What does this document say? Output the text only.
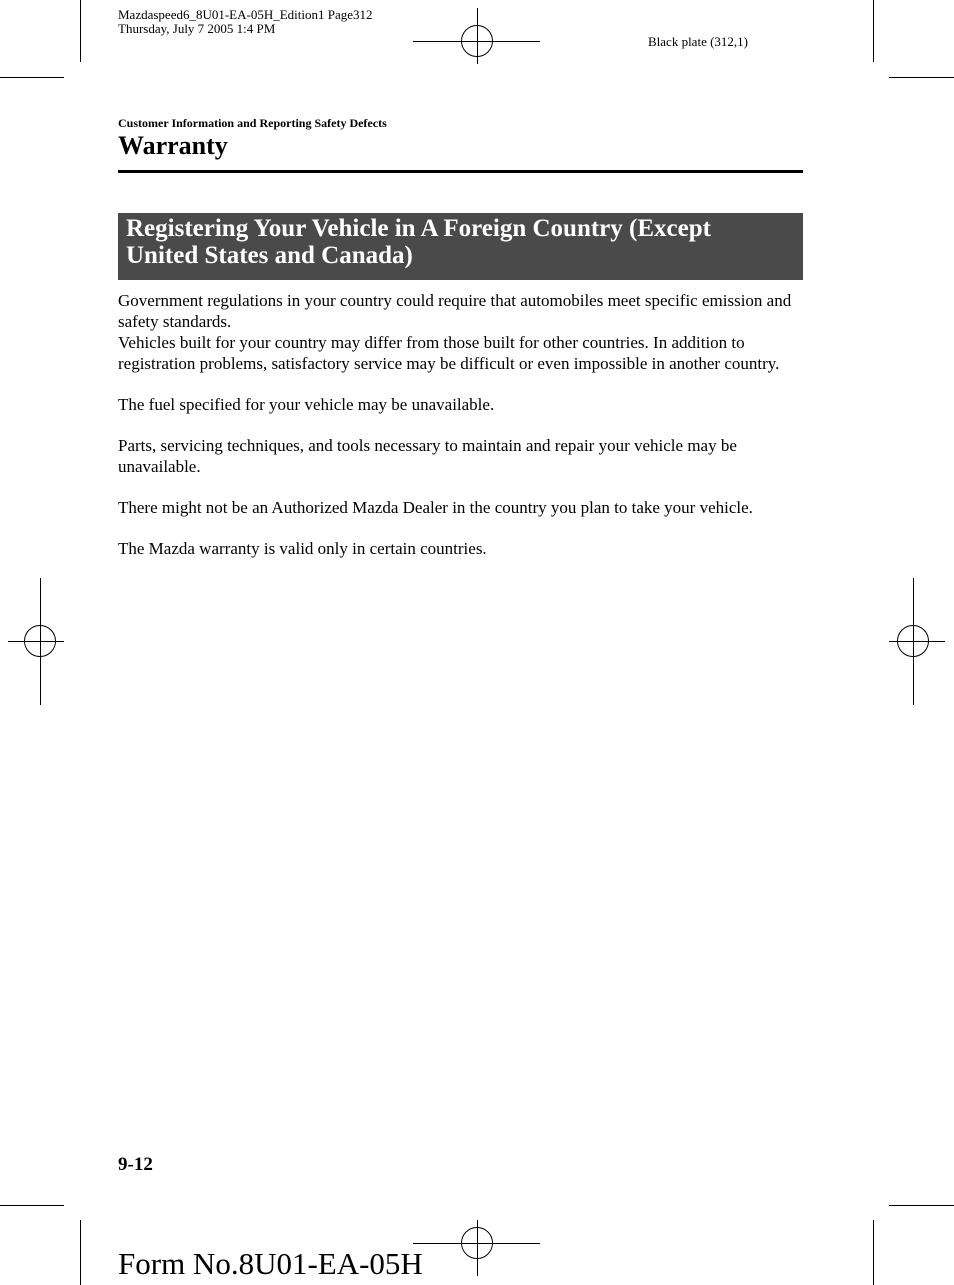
Mazdaspeed6_8U01-EA-05H_Edition1 Page312
Thursday, July 7 2005 1:4 PM
Black plate (312,1)
Customer Information and Reporting Safety Defects
Warranty
Registering Your Vehicle in A Foreign Country (Except
United States and Canada)

Government regulations in your country could require that automobiles meet specific emission and safety standards.

Vehicles built for your country may differ from those built for other countries. In addition to registration problems, satisfactory service may be difficult or even impossible in another country.

The fuel specified for your vehicle may be unavailable.

Parts, servicing techniques, and tools necessary to maintain and repair your vehicle may be unavailable.

There might not be an Authorized Mazda Dealer in the country you plan to take your vehicle.

The Mazda warranty is valid only in certain countries.

9-12
Form No.8U01-EA-05H
